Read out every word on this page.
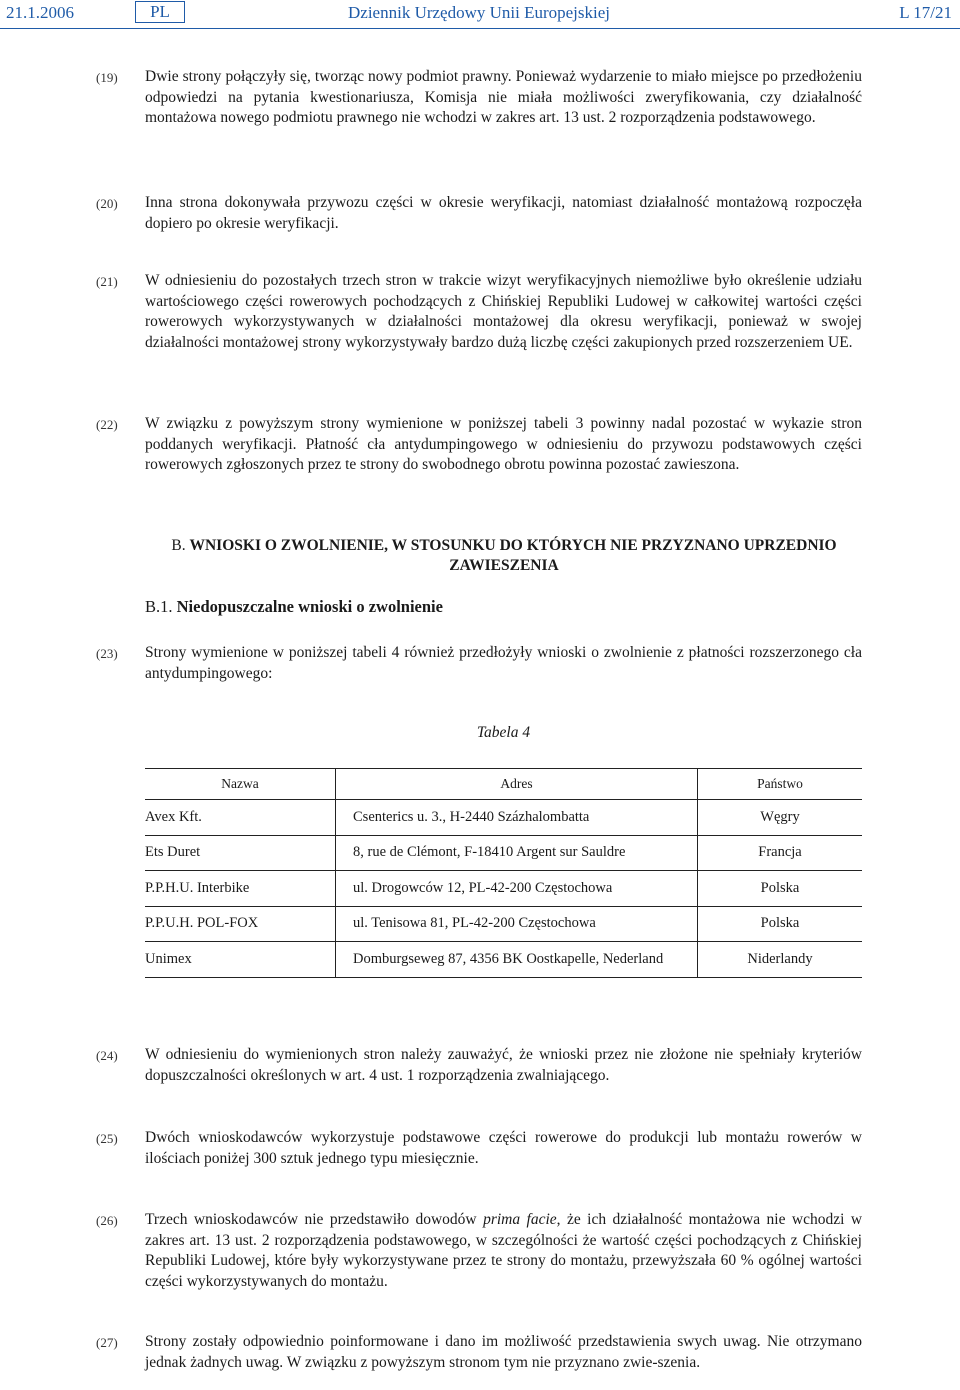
21.1.2006	PL	Dziennik Urzędowy Unii Europejskiej	L 17/21
(19)	Dwie strony połączyły się, tworząc nowy podmiot prawny. Ponieważ wydarzenie to miało miejsce po przedłożeniu odpowiedzi na pytania kwestionariusza, Komisja nie miała możliwości zweryfikowania, czy działalność montażowa nowego podmiotu prawnego nie wchodzi w zakres art. 13 ust. 2 rozporządzenia podstawowego.
(20)	Inna strona dokonywała przywozu części w okresie weryfikacji, natomiast działalność montażową rozpoczęła dopiero po okresie weryfikacji.
(21)	W odniesieniu do pozostałych trzech stron w trakcie wizyt weryfikacyjnych niemożliwe było określenie udziału wartościowego części rowerowych pochodzących z Chińskiej Republiki Ludowej w całkowitej wartości części rowerowych wykorzystywanych w działalności montażowej dla okresu weryfikacji, ponieważ w swojej działalności montażowej strony wykorzystywały bardzo dużą liczbę części zakupionych przed rozszerzeniem UE.
(22)	W związku z powyższym strony wymienione w poniższej tabeli 3 powinny nadal pozostać w wykazie stron poddanych weryfikacji. Płatność cła antydumpingowego w odniesieniu do przywozu podstawowych części rowerowych zgłoszonych przez te strony do swobodnego obrotu powinna pozostać zawieszona.
B. WNIOSKI O ZWOLNIENIE, W STOSUNKU DO KTÓRYCH NIE PRZYZNANO UPRZEDNIO ZAWIESZENIA
B.1. Niedopuszczalne wnioski o zwolnienie
(23)	Strony wymienione w poniższej tabeli 4 również przedłożyły wnioski o zwolnienie z płatności rozszerzonego cła antydumpingowego:
Tabela 4
Nazwa	Adres	Państwo
Avex Kft.	Csenterics u. 3., H-2440 Százhalombatta	Węgry
Ets Duret	8, rue de Clémont, F-18410 Argent sur Sauldre	Francja
P.P.H.U. Interbike	ul. Drogowców 12, PL-42-200 Częstochowa	Polska
P.P.U.H. POL-FOX	ul. Tenisowa 81, PL-42-200 Częstochowa	Polska
Unimex	Domburgseweg 87, 4356 BK Oostkapelle, Nederland	Niderlandy
(24)	W odniesieniu do wymienionych stron należy zauważyć, że wnioski przez nie złożone nie spełniały kryteriów dopuszczalności określonych w art. 4 ust. 1 rozporządzenia zwalniającego.
(25)	Dwóch wnioskodawców wykorzystuje podstawowe części rowerowe do produkcji lub montażu rowerów w ilościach poniżej 300 sztuk jednego typu miesięcznie.
(26)	Trzech wnioskodawców nie przedstawiło dowodów prima facie, że ich działalność montażowa nie wchodzi w zakres art. 13 ust. 2 rozporządzenia podstawowego, w szczególności że wartość części pochodzących z Chińskiej Republiki Ludowej, które były wykorzystywane przez te strony do montażu, przewyższała 60 % ogólnej wartości części wykorzystywanych do montażu.
(27)	Strony zostały odpowiednio poinformowane i dano im możliwość przedstawienia swych uwag. Nie otrzymano jednak żadnych uwag. W związku z powyższym stronom tym nie przyznano zwie-szenia.
